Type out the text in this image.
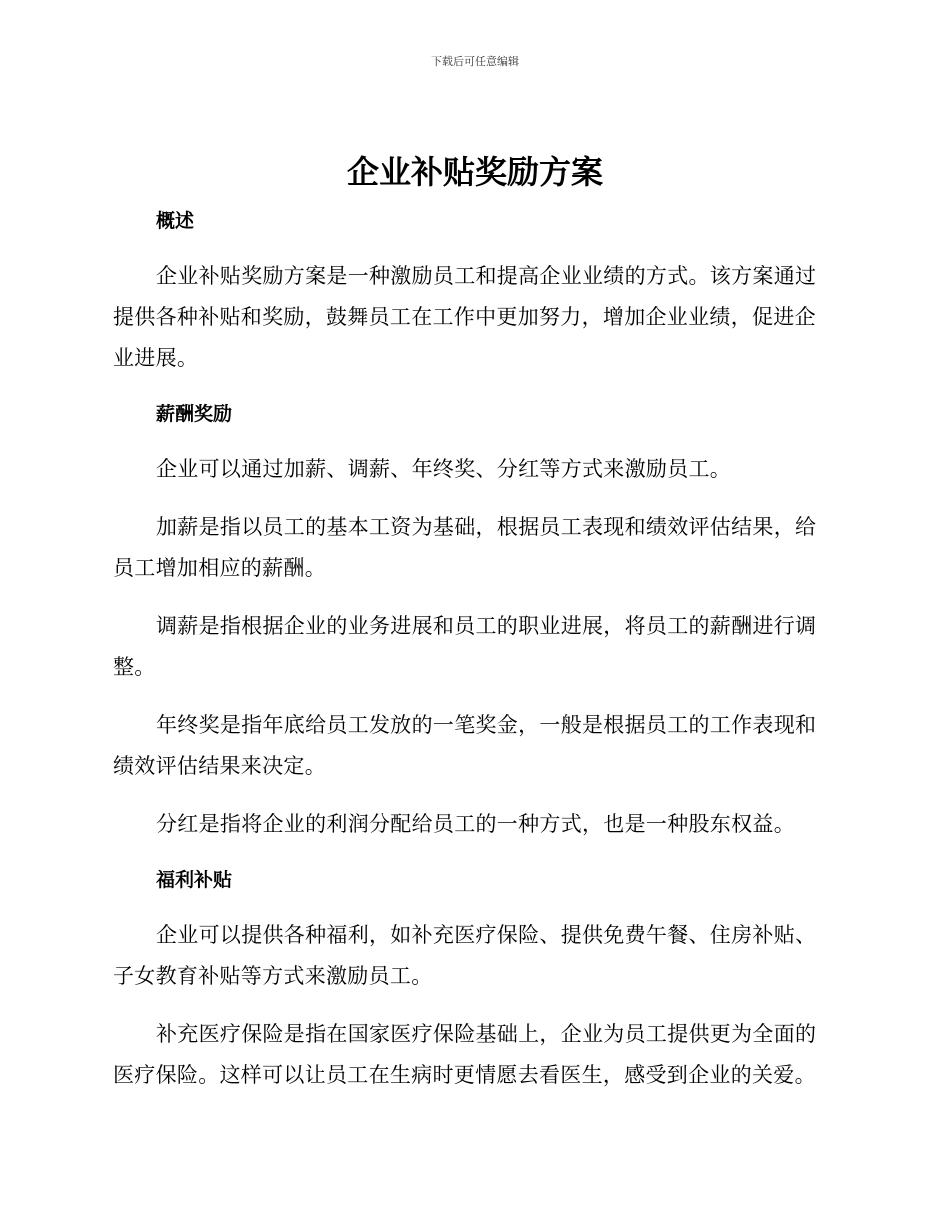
下载后可任意编辑
企业补贴奖励方案
概述

企业补贴奖励方案是一种激励员工和提高企业业绩的方式。该方案通过提供各种补贴和奖励，鼓舞员工在工作中更加努力，增加企业业绩，促进企业进展。

薪酬奖励

企业可以通过加薪、调薪、年终奖、分红等方式来激励员工。

加薪是指以员工的基本工资为基础，根据员工表现和绩效评估结果，给员工增加相应的薪酬。

调薪是指根据企业的业务进展和员工的职业进展，将员工的薪酬进行调整。

年终奖是指年底给员工发放的一笔奖金，一般是根据员工的工作表现和绩效评估结果来决定。

分红是指将企业的利润分配给员工的一种方式，也是一种股东权益。

福利补贴

企业可以提供各种福利，如补充医疗保险、提供免费午餐、住房补贴、子女教育补贴等方式来激励员工。

补充医疗保险是指在国家医疗保险基础上，企业为员工提供更为全面的医疗保险。这样可以让员工在生病时更情愿去看医生，感受到企业的关爱。
